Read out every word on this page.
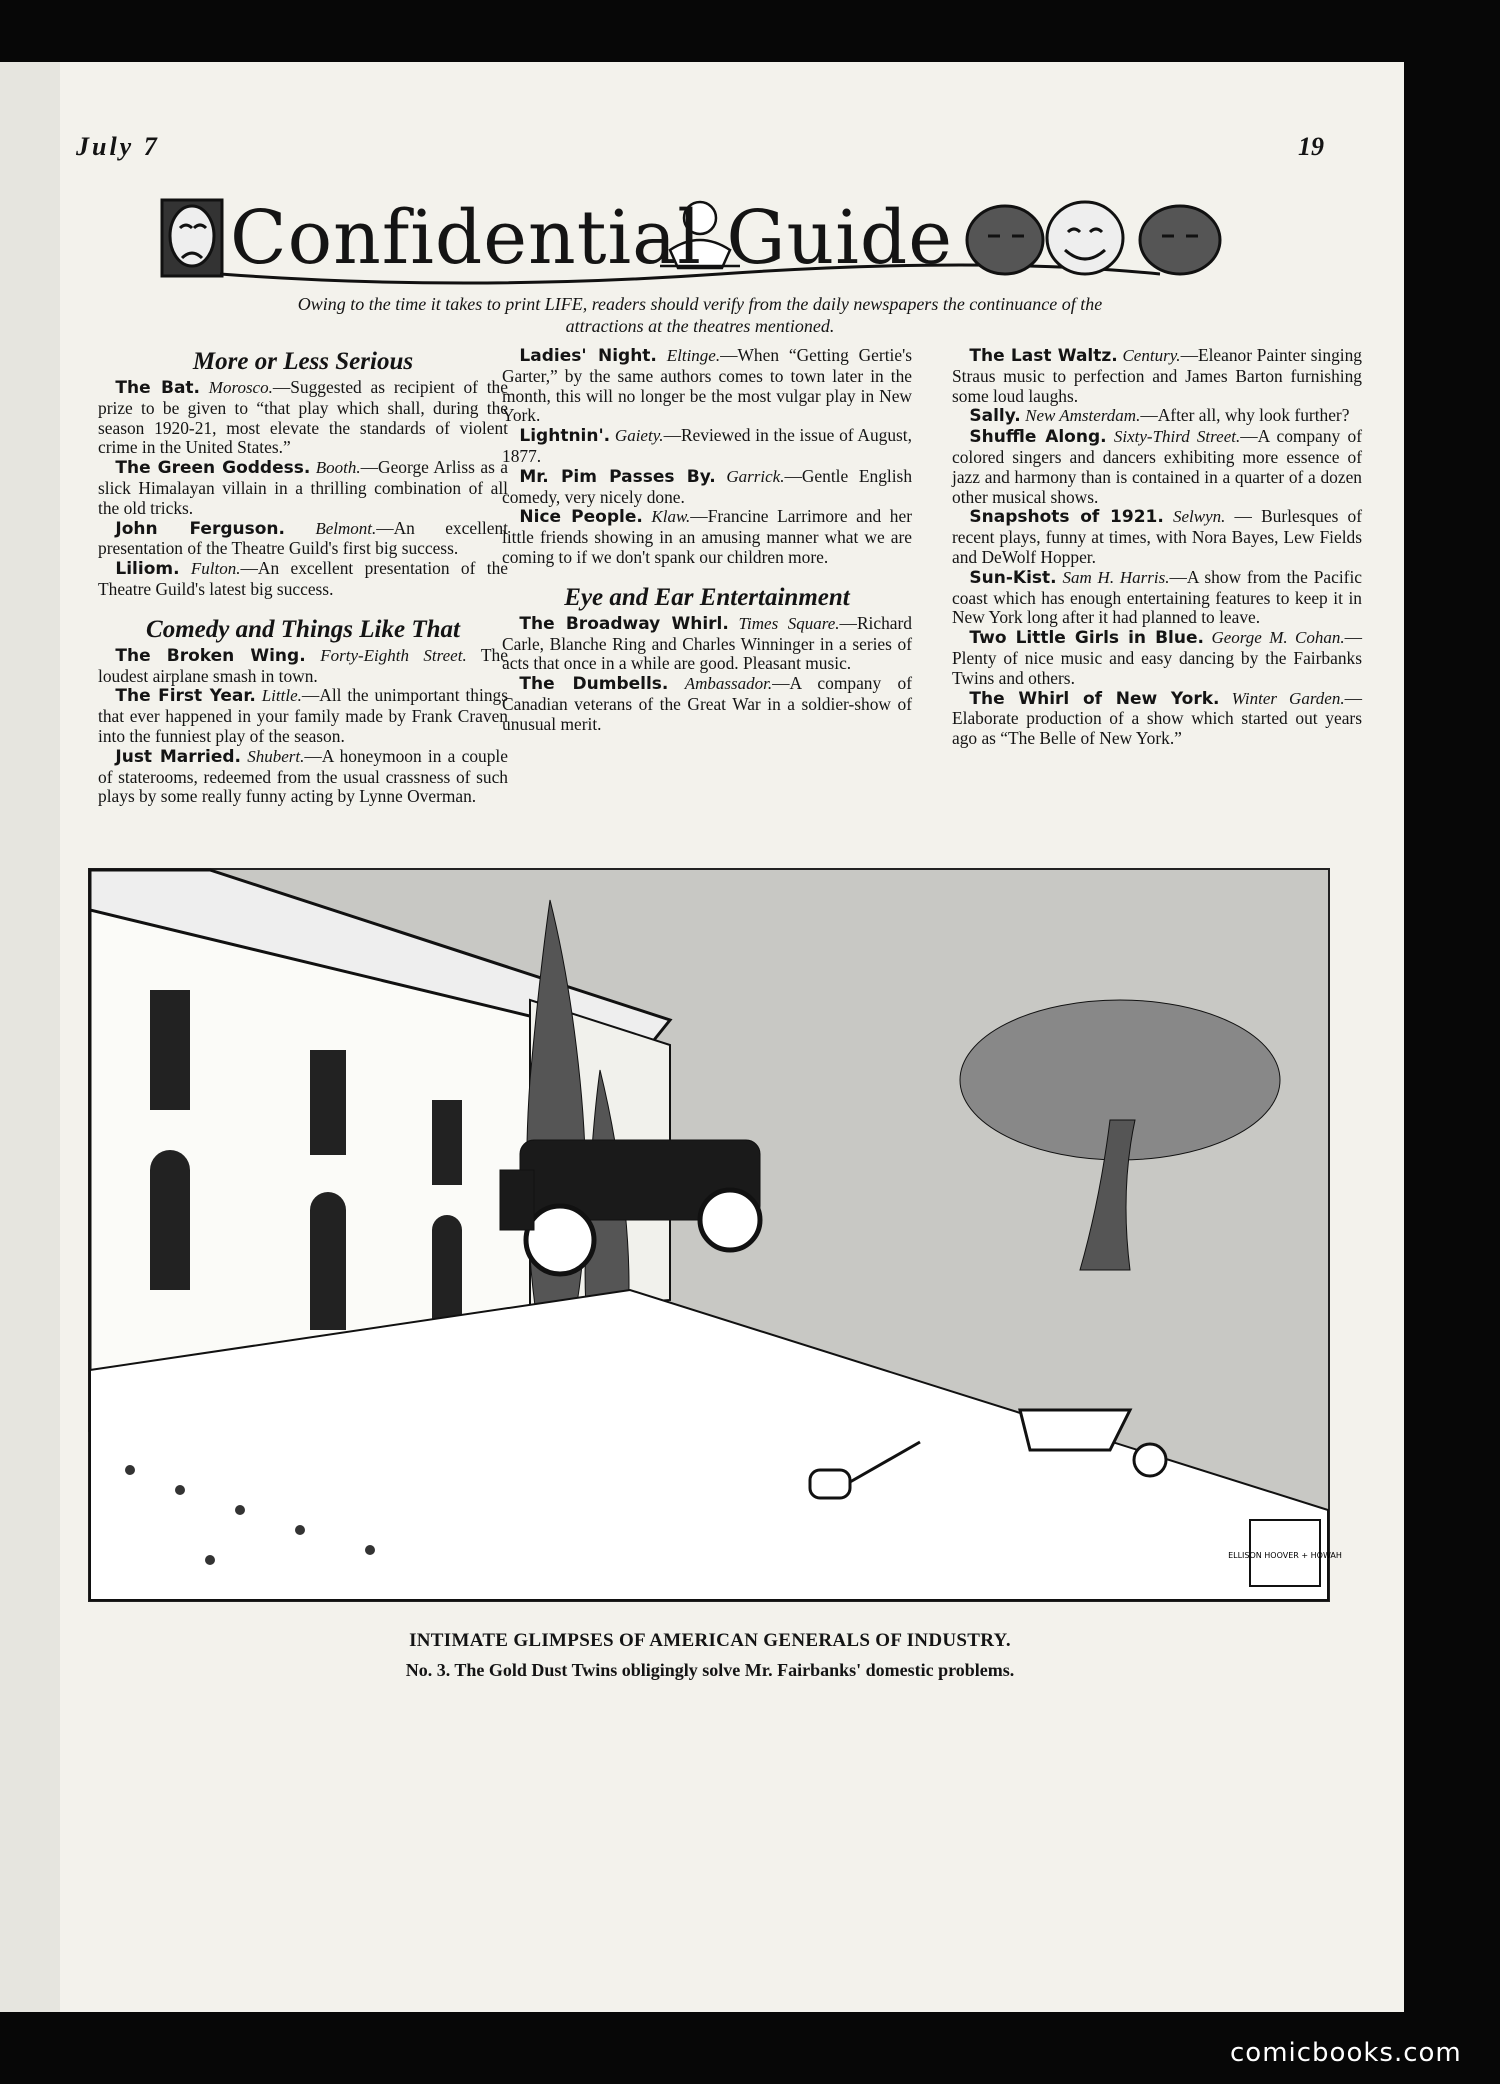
July 7	19
Confidential Guide
Owing to the time it takes to print LIFE, readers should verify from the daily newspapers the continuance of the attractions at the theatres mentioned.
More or Less Serious

The Bat. Morosco.—Suggested as recipient of the prize to be given to “that play which shall, during the season 1920-21, most elevate the standards of violent crime in the United States.”

The Green Goddess. Booth.—George Arliss as a slick Himalayan villain in a thrilling combination of all the old tricks.

John Ferguson. Belmont.—An excellent presentation of the Theatre Guild's first big success.

Liliom. Fulton.—An excellent presentation of the Theatre Guild's latest big success.

Comedy and Things Like That

The Broken Wing. Forty-Eighth Street. The loudest airplane smash in town.

The First Year. Little.—All the unimportant things that ever happened in your family made by Frank Craven into the funniest play of the season.

Just Married. Shubert.—A honeymoon in a couple of staterooms, redeemed from the usual crassness of such plays by some really funny acting by Lynne Overman.

Ladies' Night. Eltinge.—When “Getting Gertie's Garter,” by the same authors comes to town later in the month, this will no longer be the most vulgar play in New York.

Lightnin'. Gaiety.—Reviewed in the issue of August, 1877.

Mr. Pim Passes By. Garrick.—Gentle English comedy, very nicely done.

Nice People. Klaw.—Francine Larrimore and her little friends showing in an amusing manner what we are coming to if we don't spank our children more.

Eye and Ear Entertainment

The Broadway Whirl. Times Square.—Richard Carle, Blanche Ring and Charles Winninger in a series of acts that once in a while are good. Pleasant music.

The Dumbells. Ambassador.—A company of Canadian veterans of the Great War in a soldier-show of unusual merit.

The Last Waltz. Century.—Eleanor Painter singing Straus music to perfection and James Barton furnishing some loud laughs.

Sally. New Amsterdam.—After all, why look further?

Shuffle Along. Sixty-Third Street.—A company of colored singers and dancers exhibiting more essence of jazz and harmony than is contained in a quarter of a dozen other musical shows.

Snapshots of 1921. Selwyn. — Burlesques of recent plays, funny at times, with Nora Bayes, Lew Fields and DeWolf Hopper.

Sun-Kist. Sam H. Harris.—A show from the Pacific coast which has enough entertaining features to keep it in New York long after it had planned to leave.

Two Little Girls in Blue. George M. Cohan.—Plenty of nice music and easy dancing by the Fairbanks Twins and others.

The Whirl of New York. Winter Garden.—Elaborate production of a show which started out years ago as “The Belle of New York.”

ELLISON HOOVER + HOWAH
INTIMATE GLIMPSES OF AMERICAN GENERALS OF INDUSTRY.
No. 3. The Gold Dust Twins obligingly solve Mr. Fairbanks' domestic problems.
comicbooks.com
